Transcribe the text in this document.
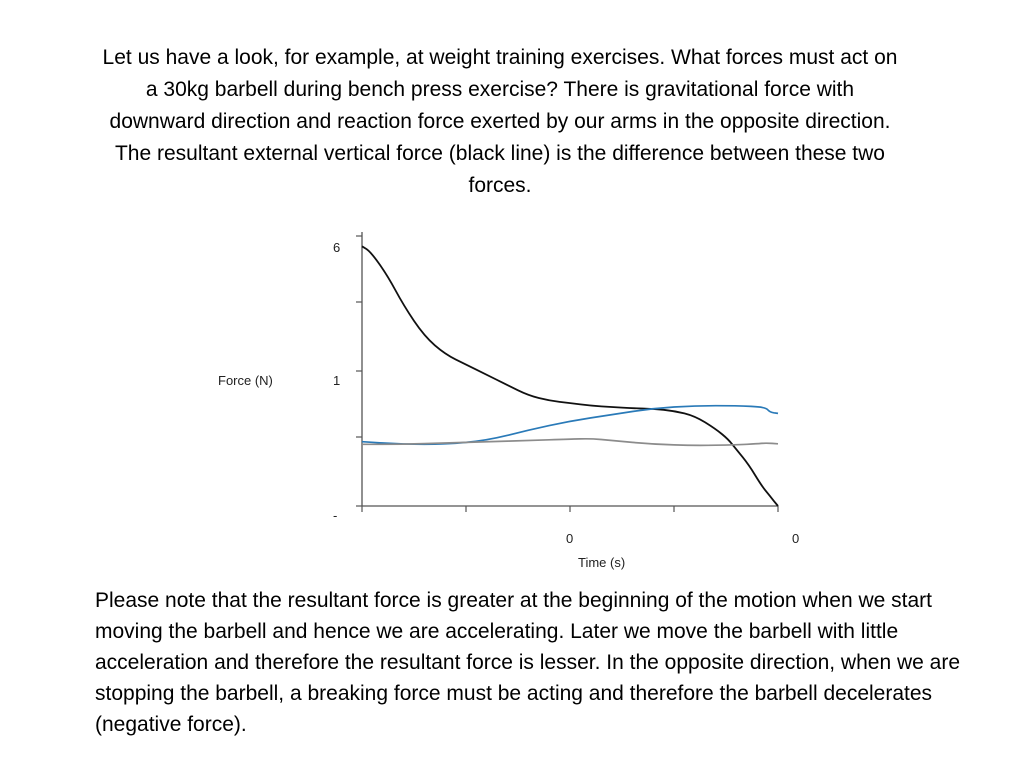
Let us have a look, for example, at weight training exercises. What forces must act on a 30kg barbell during bench press exercise? There is gravitational force with downward direction and reaction force exerted by our arms in the opposite direction. The resultant external vertical force (black line) is the difference between these two forces.
Force (N)
Time (s)
6
1
-
0	0
Please note that the resultant force is greater at the beginning of the motion when we start moving the barbell and hence we are accelerating. Later we move the barbell with little acceleration and therefore the resultant force is lesser. In the opposite direction, when we are stopping the barbell, a breaking force must be acting and therefore the barbell decelerates (negative force).
